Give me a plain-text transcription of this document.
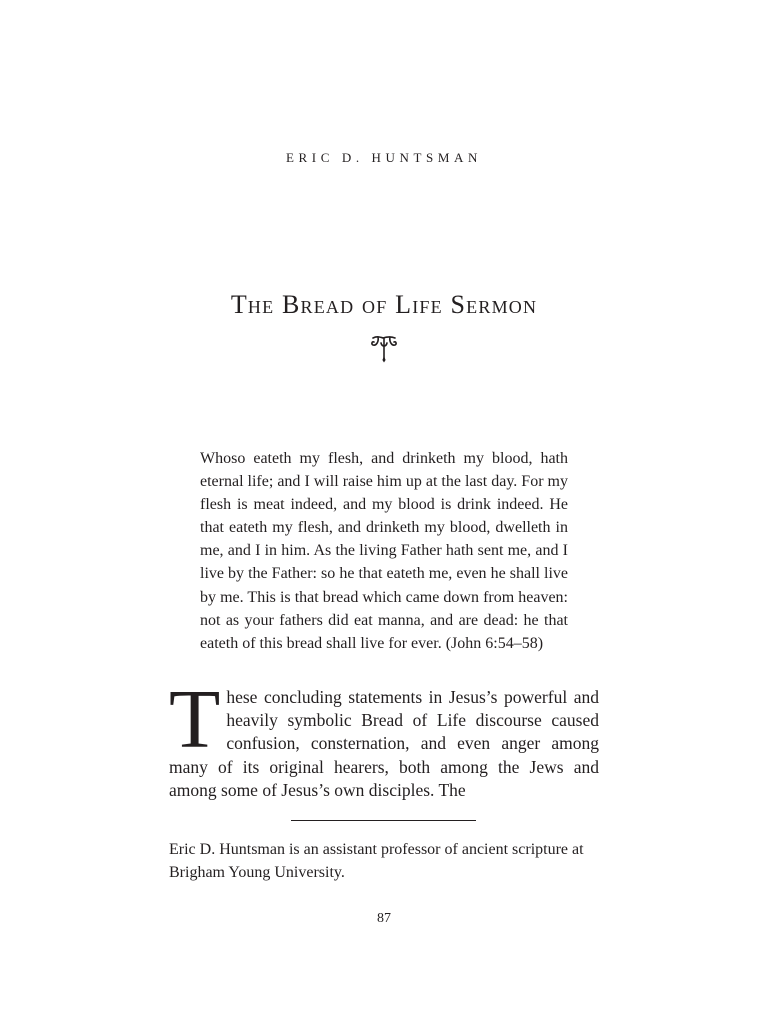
ERIC D. HUNTSMAN
The Bread of Life Sermon

Whoso eateth my flesh, and drinketh my blood, hath eternal life; and I will raise him up at the last day. For my flesh is meat indeed, and my blood is drink indeed. He that eateth my flesh, and drinketh my blood, dwelleth in me, and I in him. As the living Father hath sent me, and I live by the Father: so he that eateth me, even he shall live by me. This is that bread which came down from heaven: not as your fathers did eat manna, and are dead: he that eateth of this bread shall live for ever. (John 6:54–58)

These concluding statements in Jesus’s powerful and heavily symbolic Bread of Life discourse caused confusion, consternation, and even anger among many of its original hearers, both among the Jews and among some of Jesus’s own disciples. The

Eric D. Huntsman is an assistant professor of ancient scripture at Brigham Young University.

87
